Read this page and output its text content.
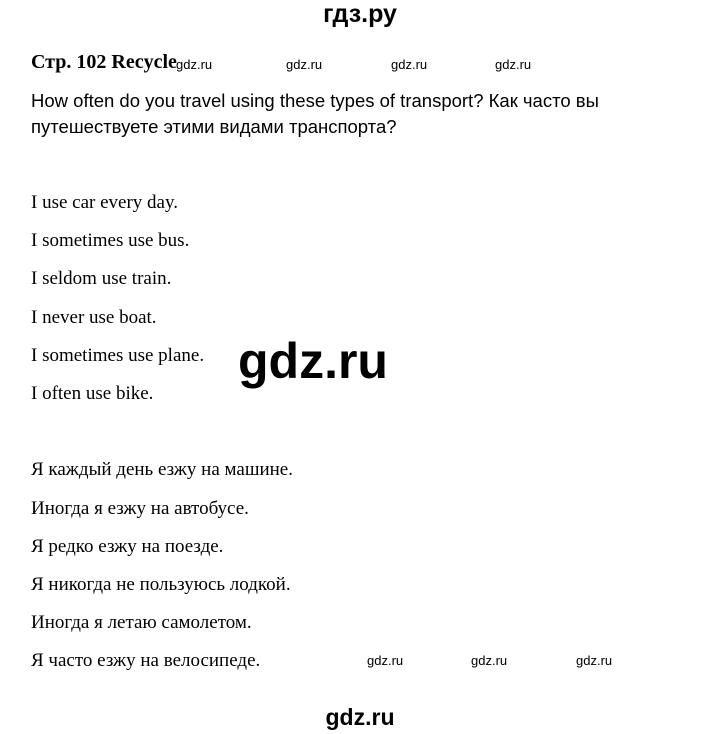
гдз.ру
Стр. 102 Recycle gdz.ru	gdz.ru	gdz.ru	gdz.ru
How often do you travel using these types of transport? Как часто вы путешествуете этими видами транспорта?
I use car every day.
I sometimes use bus.
I seldom use train.
I never use boat.
I sometimes use plane.
I often use bike.
gdz.ru
Я каждый день езжу на машине.
Иногда я езжу на автобусе.
Я редко езжу на поезде.
Я никогда не пользуюсь лодкой.
Иногда я летаю самолетом.
Я часто езжу на велосипеде.	gdz.ru	gdz.ru	gdz.ru
gdz.ru
